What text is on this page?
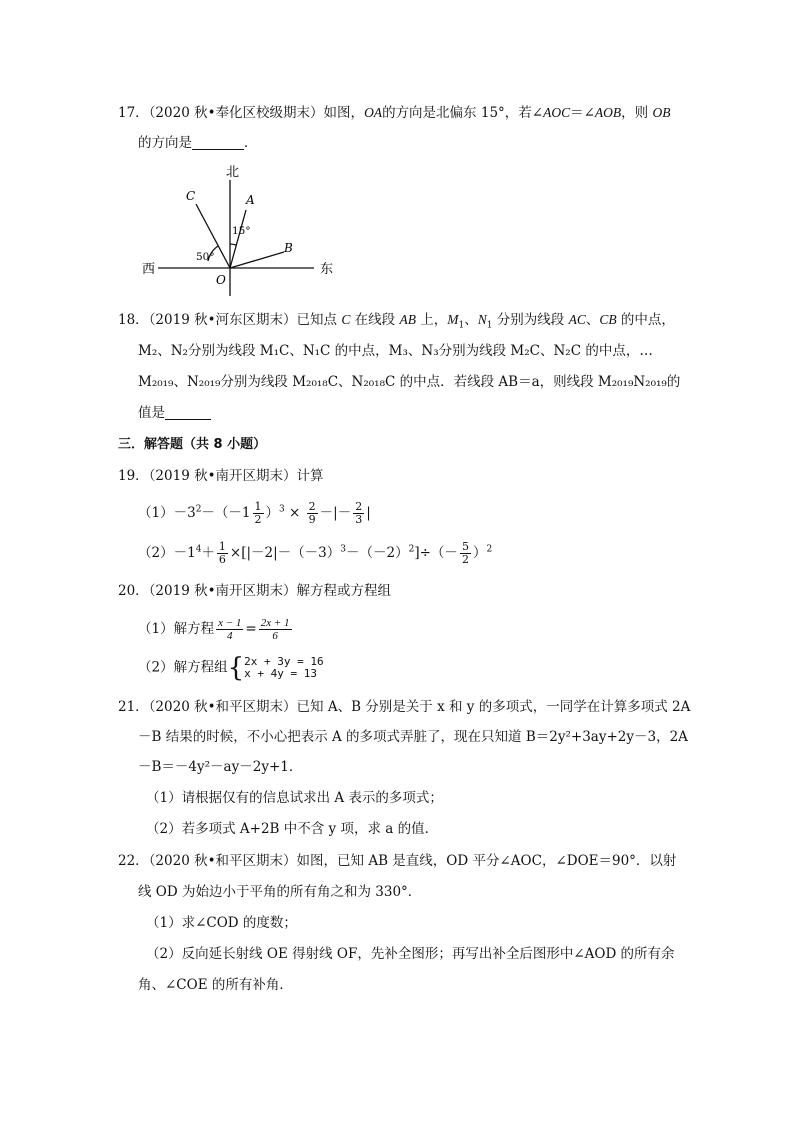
17．（2020 秋•奉化区校级期末）如图，OA的方向是北偏东 15°，若∠AOC＝∠AOB，则 OB
的方向是	．
北
西	东
C	A
B
O
15°
50°
18．（2019 秋•河东区期末）已知点 C 在线段 AB 上，$M_1$、$N_1$ 分别为线段 AC、CB 的中点，
M₂、N₂分别为线段 M₁C、N₁C 的中点，M₃、N₃分别为线段 M₂C、N₂C 的中点，…
M₂₀₁₉、N₂₀₁₉分别为线段 M₂₀₁₈C、N₂₀₁₈C 的中点．若线段 AB＝a，则线段 M₂₀₁₉N₂₀₁₉的
值是
三．解答题（共 8 小题）
19．（2019 秋•南开区期末）计算
$(1)-3^2-(-1 \frac{1}{2} )^3 \times \frac{2}{9}$ －|－ $\frac{2}{3}$ |
$(2)-1^4+ \frac{1}{6} \times[|-2|-(-3)^3-(-2)^2]\div(- \frac{5}{2} )^2$
20．（2019 秋•南开区期末）解方程或方程组
（1）解方程 $\frac{x - 1}{4} = \frac{2x + 1}{6}$
（2）解方程组{ 2x + 3y = 16
x + 4y = 13
21．（2020 秋•和平区期末）已知 A、B 分别是关于 x 和 y 的多项式，一同学在计算多项式 2A
－B 结果的时候，不小心把表示 A 的多项式弄脏了，现在只知道 B＝2y²+3ay+2y－3，2A
－B＝－4y²－ay－2y+1．
（1）请根据仅有的信息试求出 A 表示的多项式；
（2）若多项式 A+2B 中不含 y 项，求 a 的值．
22．（2020 秋•和平区期末）如图，已知 AB 是直线，OD 平分∠AOC，∠DOE＝90°．以射
线 OD 为始边小于平角的所有角之和为 330°．
（1）求∠COD 的度数；
（2）反向延长射线 OE 得射线 OF，先补全图形；再写出补全后图形中∠AOD 的所有余
角、∠COE 的所有补角．
